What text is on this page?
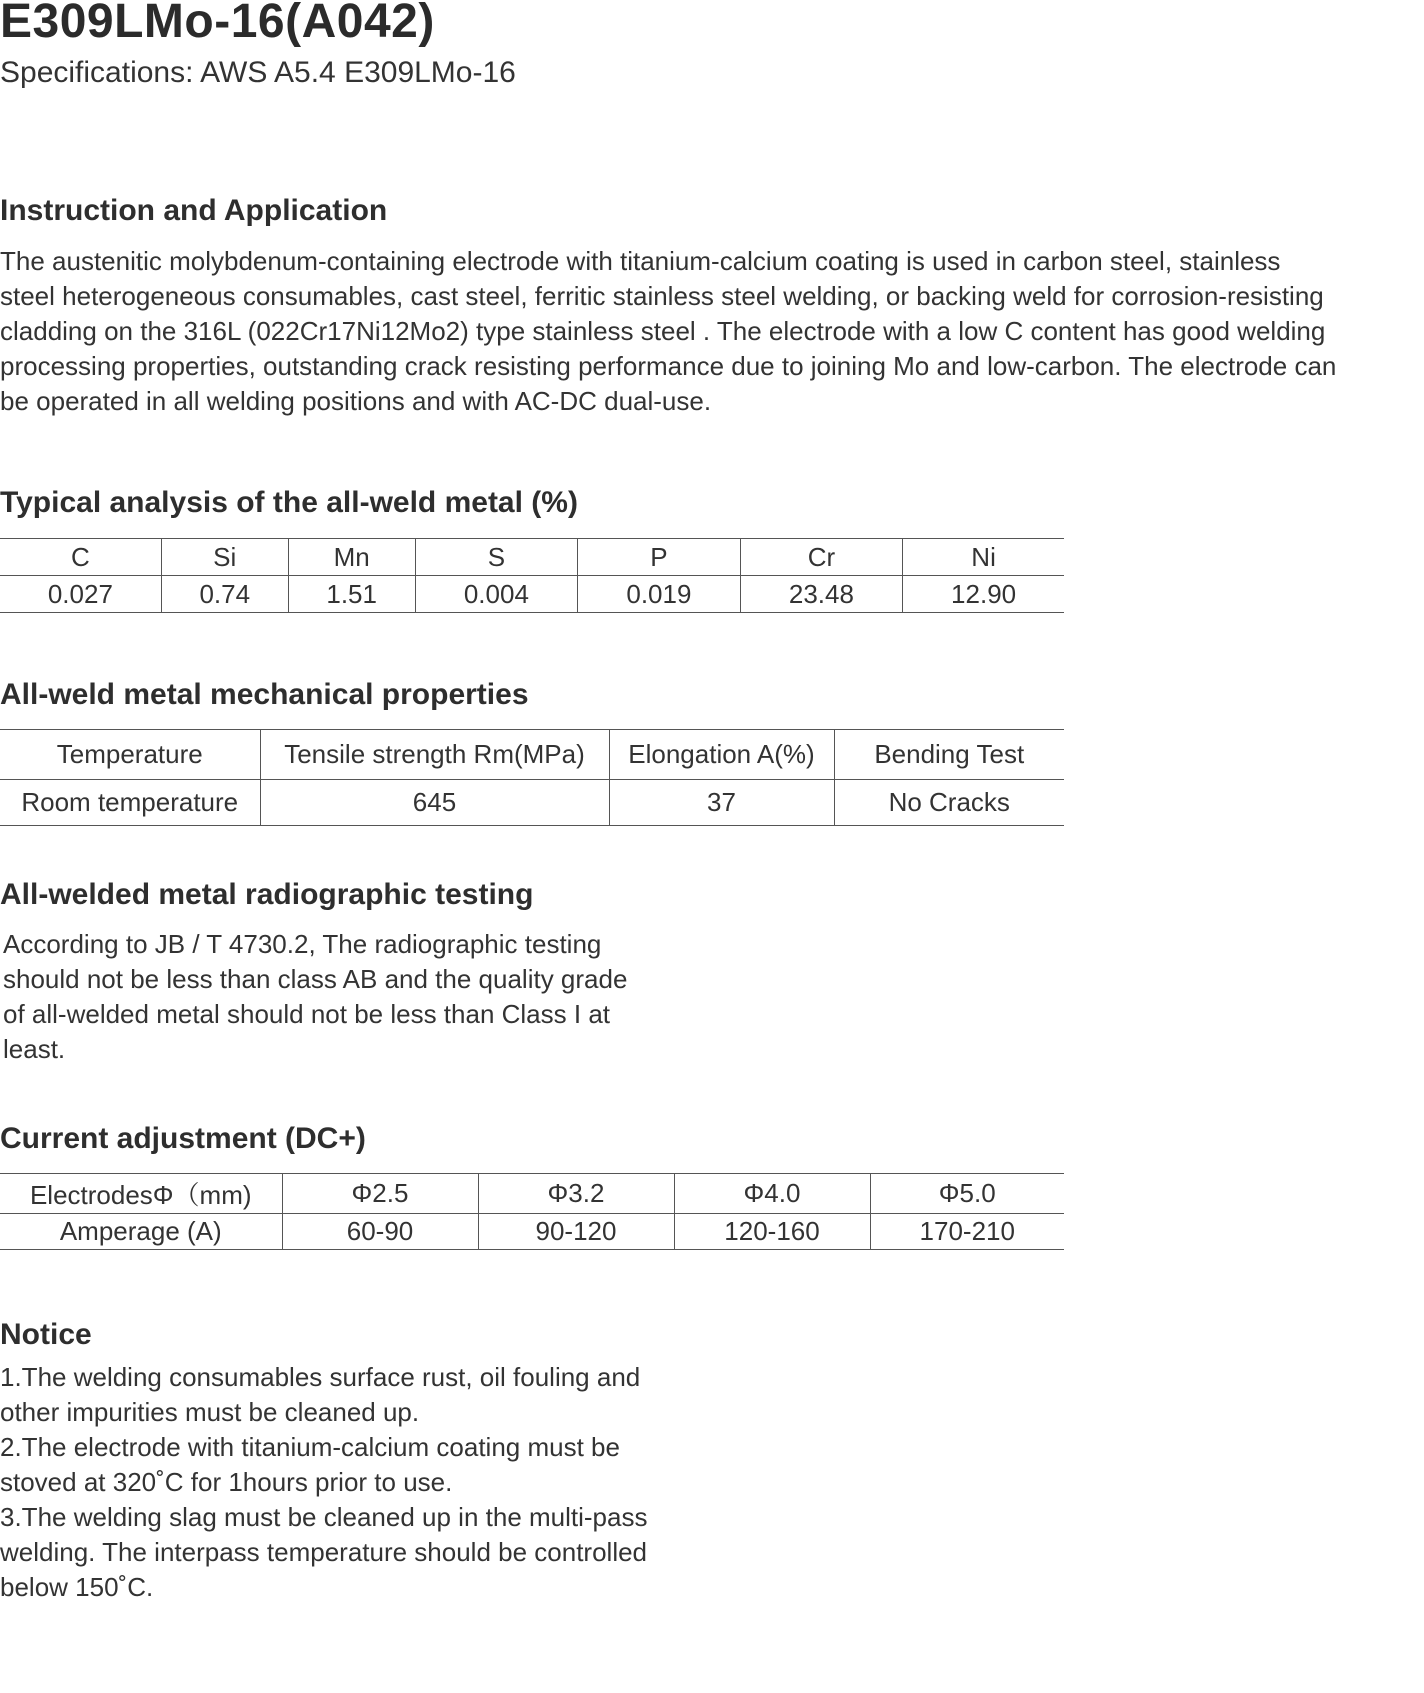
E309LMo-16(A042)
Specifications: AWS A5.4 E309LMo-16
Instruction and Application
The austenitic molybdenum-containing electrode with titanium-calcium coating is used in carbon steel, stainless
steel heterogeneous consumables, cast steel, ferritic stainless steel welding, or backing weld for corrosion-resisting
cladding on the 316L (022Cr17Ni12Mo2) type stainless steel . The electrode with a low C content has good welding
processing properties, outstanding crack resisting performance due to joining Mo and low-carbon. The electrode can
be operated in all welding positions and with AC-DC dual-use.
Typical analysis of the all-weld metal (%)
C	Si	Mn	S	P	Cr	Ni
0.027	0.74	1.51	0.004	0.019	23.48	12.90
All-weld metal mechanical properties
Temperature	Tensile strength Rm(MPa)	Elongation A(%)	Bending Test
Room temperature	645	37	No Cracks
All-welded metal radiographic testing
According to JB / T 4730.2, The radiographic testing
should not be less than class AB and the quality grade
of all-welded metal should not be less than Class I at
least.
Current adjustment (DC+)
ElectrodesΦ（mm)	Φ2.5	Φ3.2	Φ4.0	Φ5.0
Amperage (A)	60-90	90-120	120-160	170-210
Notice
1.The welding consumables surface rust, oil fouling and
other impurities must be cleaned up.
2.The electrode with titanium-calcium coating must be
stoved at 320˚C for 1hours prior to use.
3.The welding slag must be cleaned up in the multi-pass
welding. The interpass temperature should be controlled
below 150˚C.
